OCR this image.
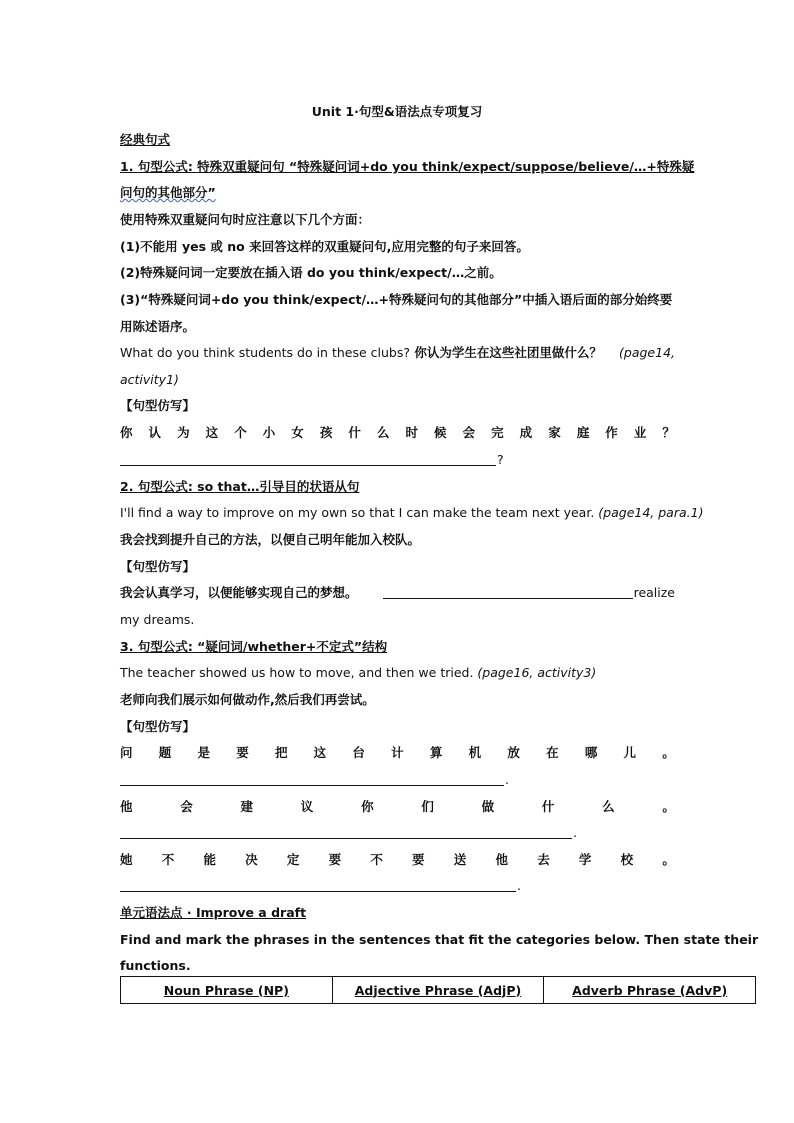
Unit 1·句型&语法点专项复习
经典句式
1. 句型公式: 特殊双重疑问句 “特殊疑问词+do you think/expect/suppose/believe/…+特殊疑
问句的其他部分”
使用特殊双重疑问句时应注意以下几个方面：
(1)不能用 yes 或 no 来回答这样的双重疑问句,应用完整的句子来回答。
(2)特殊疑问词一定要放在插入语 do you think/expect/…之前。
(3)“特殊疑问词+do you think/expect/…+特殊疑问句的其他部分”中插入语后面的部分始终要
用陈述语序。
What do you think students do in these clubs? 你认为学生在这些社团里做什么？ (page14,
activity1)
【句型仿写】
你 认 为 这 个 小 女 孩 什 么 时 候 会 完 成 家 庭 作 业 ？
?
2. 句型公式: so that…引导目的状语从句
I'll find a way to improve on my own so that I can make the team next year. (page14, para.1)
我会找到提升自己的方法，以便自己明年能加入校队。
【句型仿写】
我会认真学习，以便能够实现自己的梦想。	realize
my dreams.
3. 句型公式: “疑问词/whether+不定式”结构
The teacher showed us how to move, and then we tried. (page16, activity3)
老师向我们展示如何做动作,然后我们再尝试。
【句型仿写】
问 题 是 要 把 这 台 计 算 机 放 在 哪 儿 。
.
他	会	建	议	你	们	做	什	么	。
.
她 不 能 决 定 要 不 要 送 他 去 学 校 。
.
单元语法点 · Improve a draft
Find and mark the phrases in the sentences that fit the categories below. Then state their
functions.
Noun Phrase (NP)	Adjective Phrase (AdjP)	Adverb Phrase (AdvP)
